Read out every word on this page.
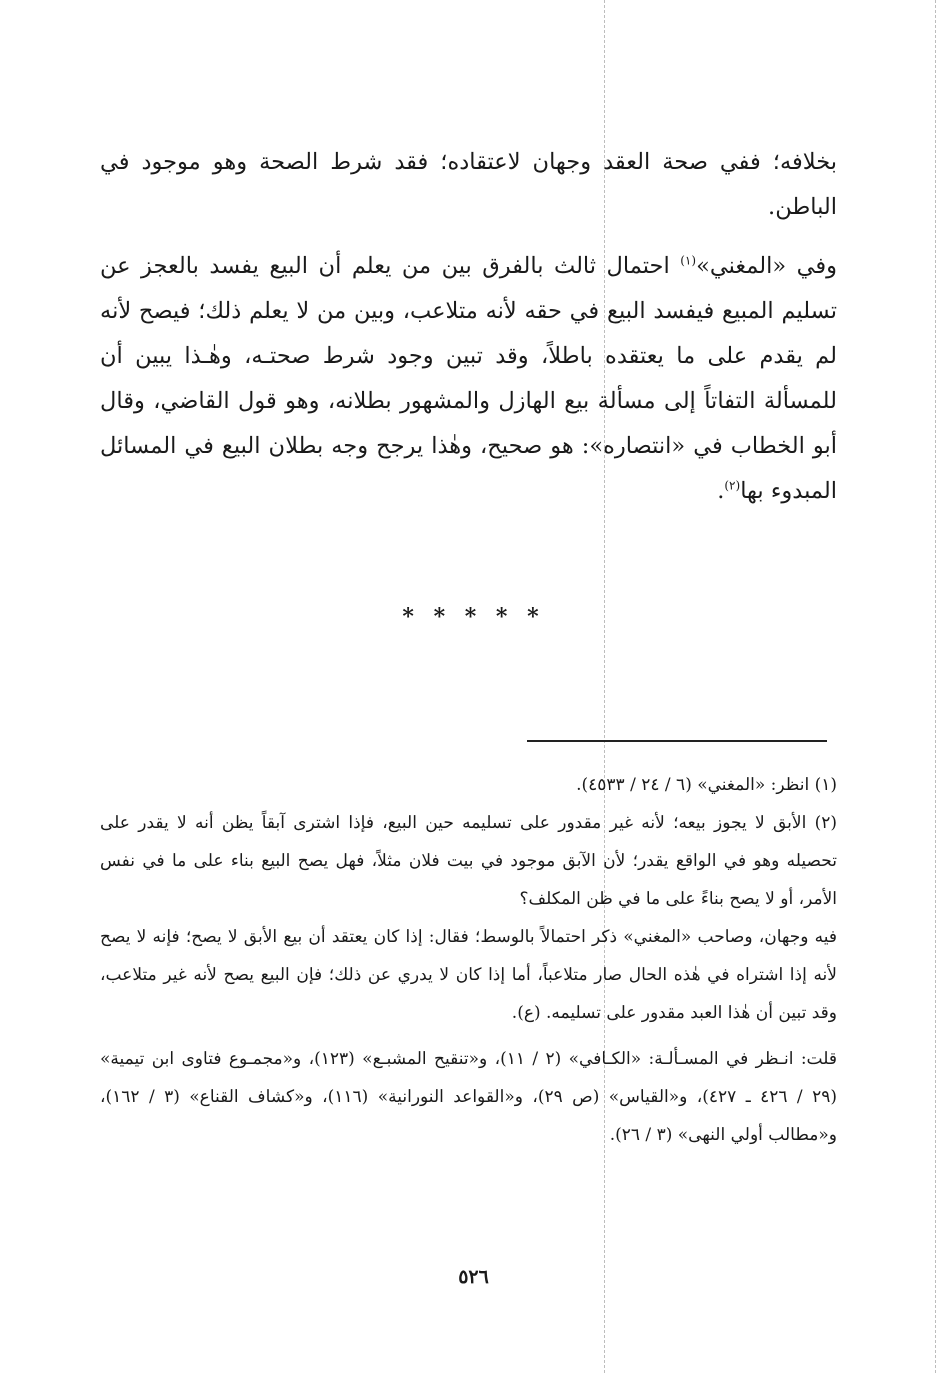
بخلافه؛ ففي صحة العقد وجهان لاعتقاده؛ فقد شرط الصحة وهو موجود في الباطن.

وفي «المغني»$^{(١)}$ احتمال ثالث بالفرق بين من يعلم أن البيع يفسد بالعجز عن تسليم المبيع فيفسد البيع في حقه لأنه متلاعب، وبين من لا يعلم ذلك؛ فيصح لأنه لم يقدم على ما يعتقده باطلاً، وقد تبين وجود شرط صحتـه، وهٰـذا يبين أن للمسألة التفاتاً إلى مسألة بيع الهازل والمشهور بطلانه، وهو قول القاضي، وقال أبو الخطاب في «انتصاره»: هو صحيح، وهٰذا يرجح وجه بطلان البيع في المسائل المبدوء بها$^{(٢)}$.

* * * * *

(١) انظر: «المغني» (٦ / ٢٤ / ٤٥٣٣).

(٢) الأبق لا يجوز بيعه؛ لأنه غير مقدور على تسليمه حين البيع، فإذا اشترى آبقاً يظن أنه لا يقدر على تحصيله وهو في الواقع يقدر؛ لأن الآبق موجود في بيت فلان مثلاً، فهل يصح البيع بناء على ما في نفس الأمر، أو لا يصح بناءً على ما في ظن المكلف؟

فيه وجهان، وصاحب «المغني» ذكر احتمالاً بالوسط؛ فقال: إذا كان يعتقد أن بيع الأبق لا يصح؛ فإنه لا يصح لأنه إذا اشتراه في هٰذه الحال صار متلاعباً، أما إذا كان لا يدري عن ذلك؛ فإن البيع يصح لأنه غير متلاعب، وقد تبين أن هٰذا العبد مقدور على تسليمه. (ع).

قلت: انـظر في المسـألـة: «الكـافي» (٢ / ١١)، و«تنقيح المشبـع» (١٢٣)، و«مجمـوع فتاوى ابن تيمية» (٢٩ / ٤٢٦ ـ ٤٢٧)، و«القياس» (ص ٢٩)، و«القواعد النورانية» (١١٦)، و«كشاف القناع» (٣ / ١٦٢)، و«مطالب أولي النهى» (٣ / ٢٦).

٥٢٦
